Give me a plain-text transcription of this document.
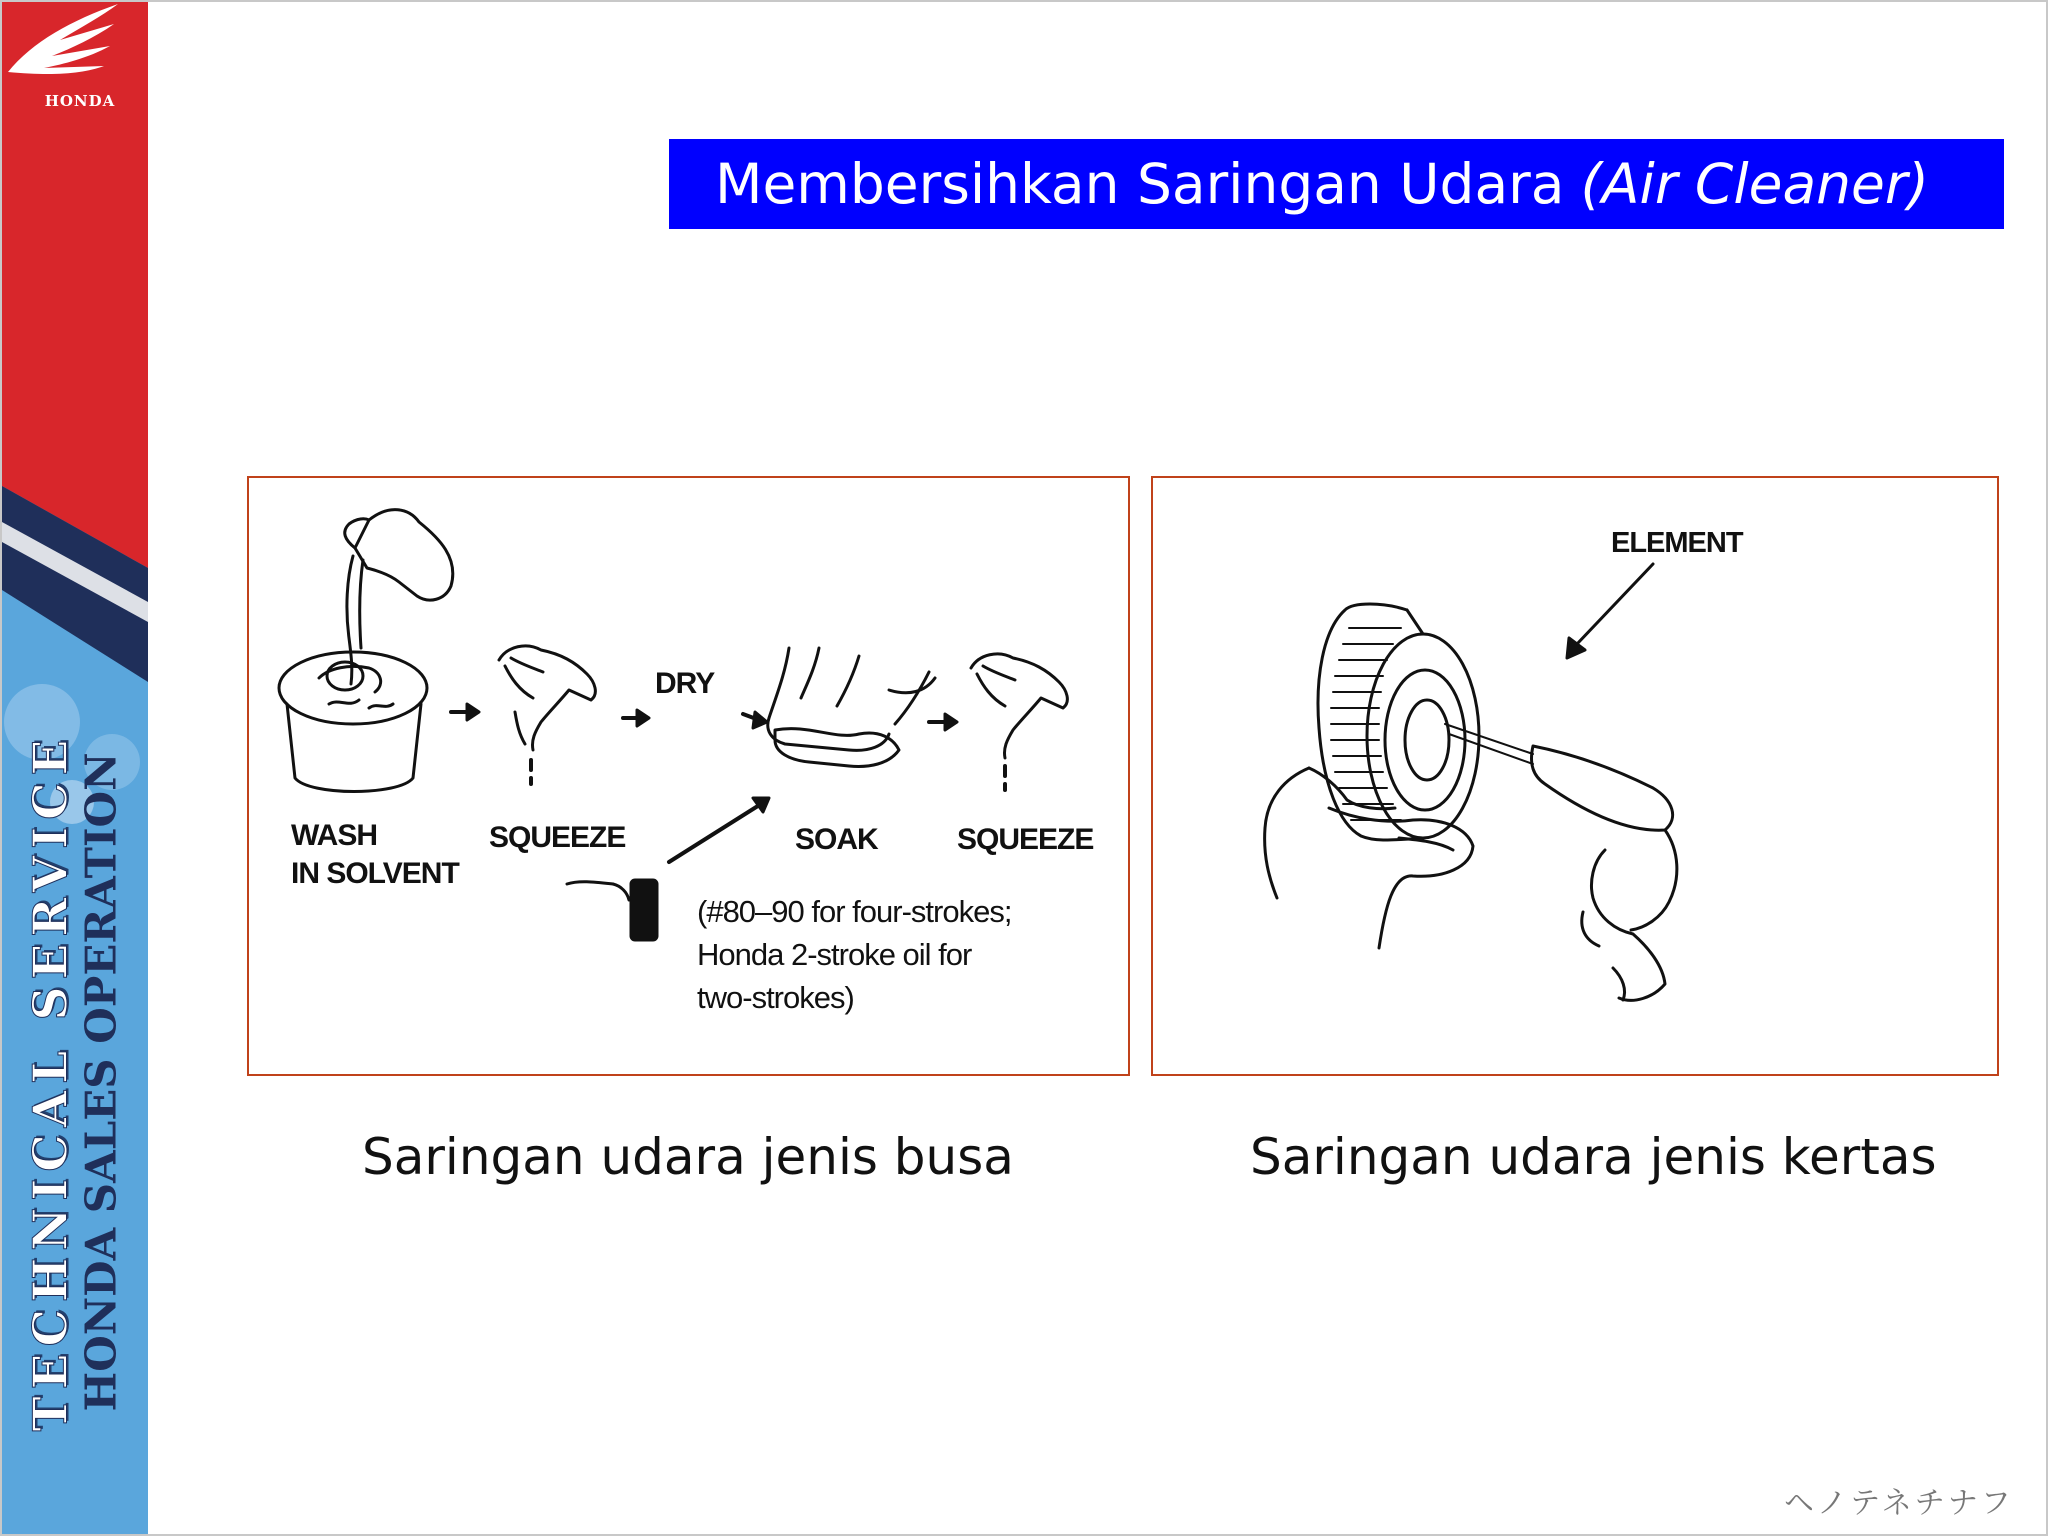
HONDA
TECHNICAL SERVICE
HONDA SALES OPERATION
Membersihkan Saringan Udara (Air Cleaner)
WASH
IN SOLVENT
SQUEEZE
DRY
SOAK	SQUEEZE
(#80–90 for four-strokes;
Honda 2-stroke oil for
two-strokes)
ELEMENT
Saringan udara jenis busa	Saringan udara jenis kertas
ヘノテネチナフ
